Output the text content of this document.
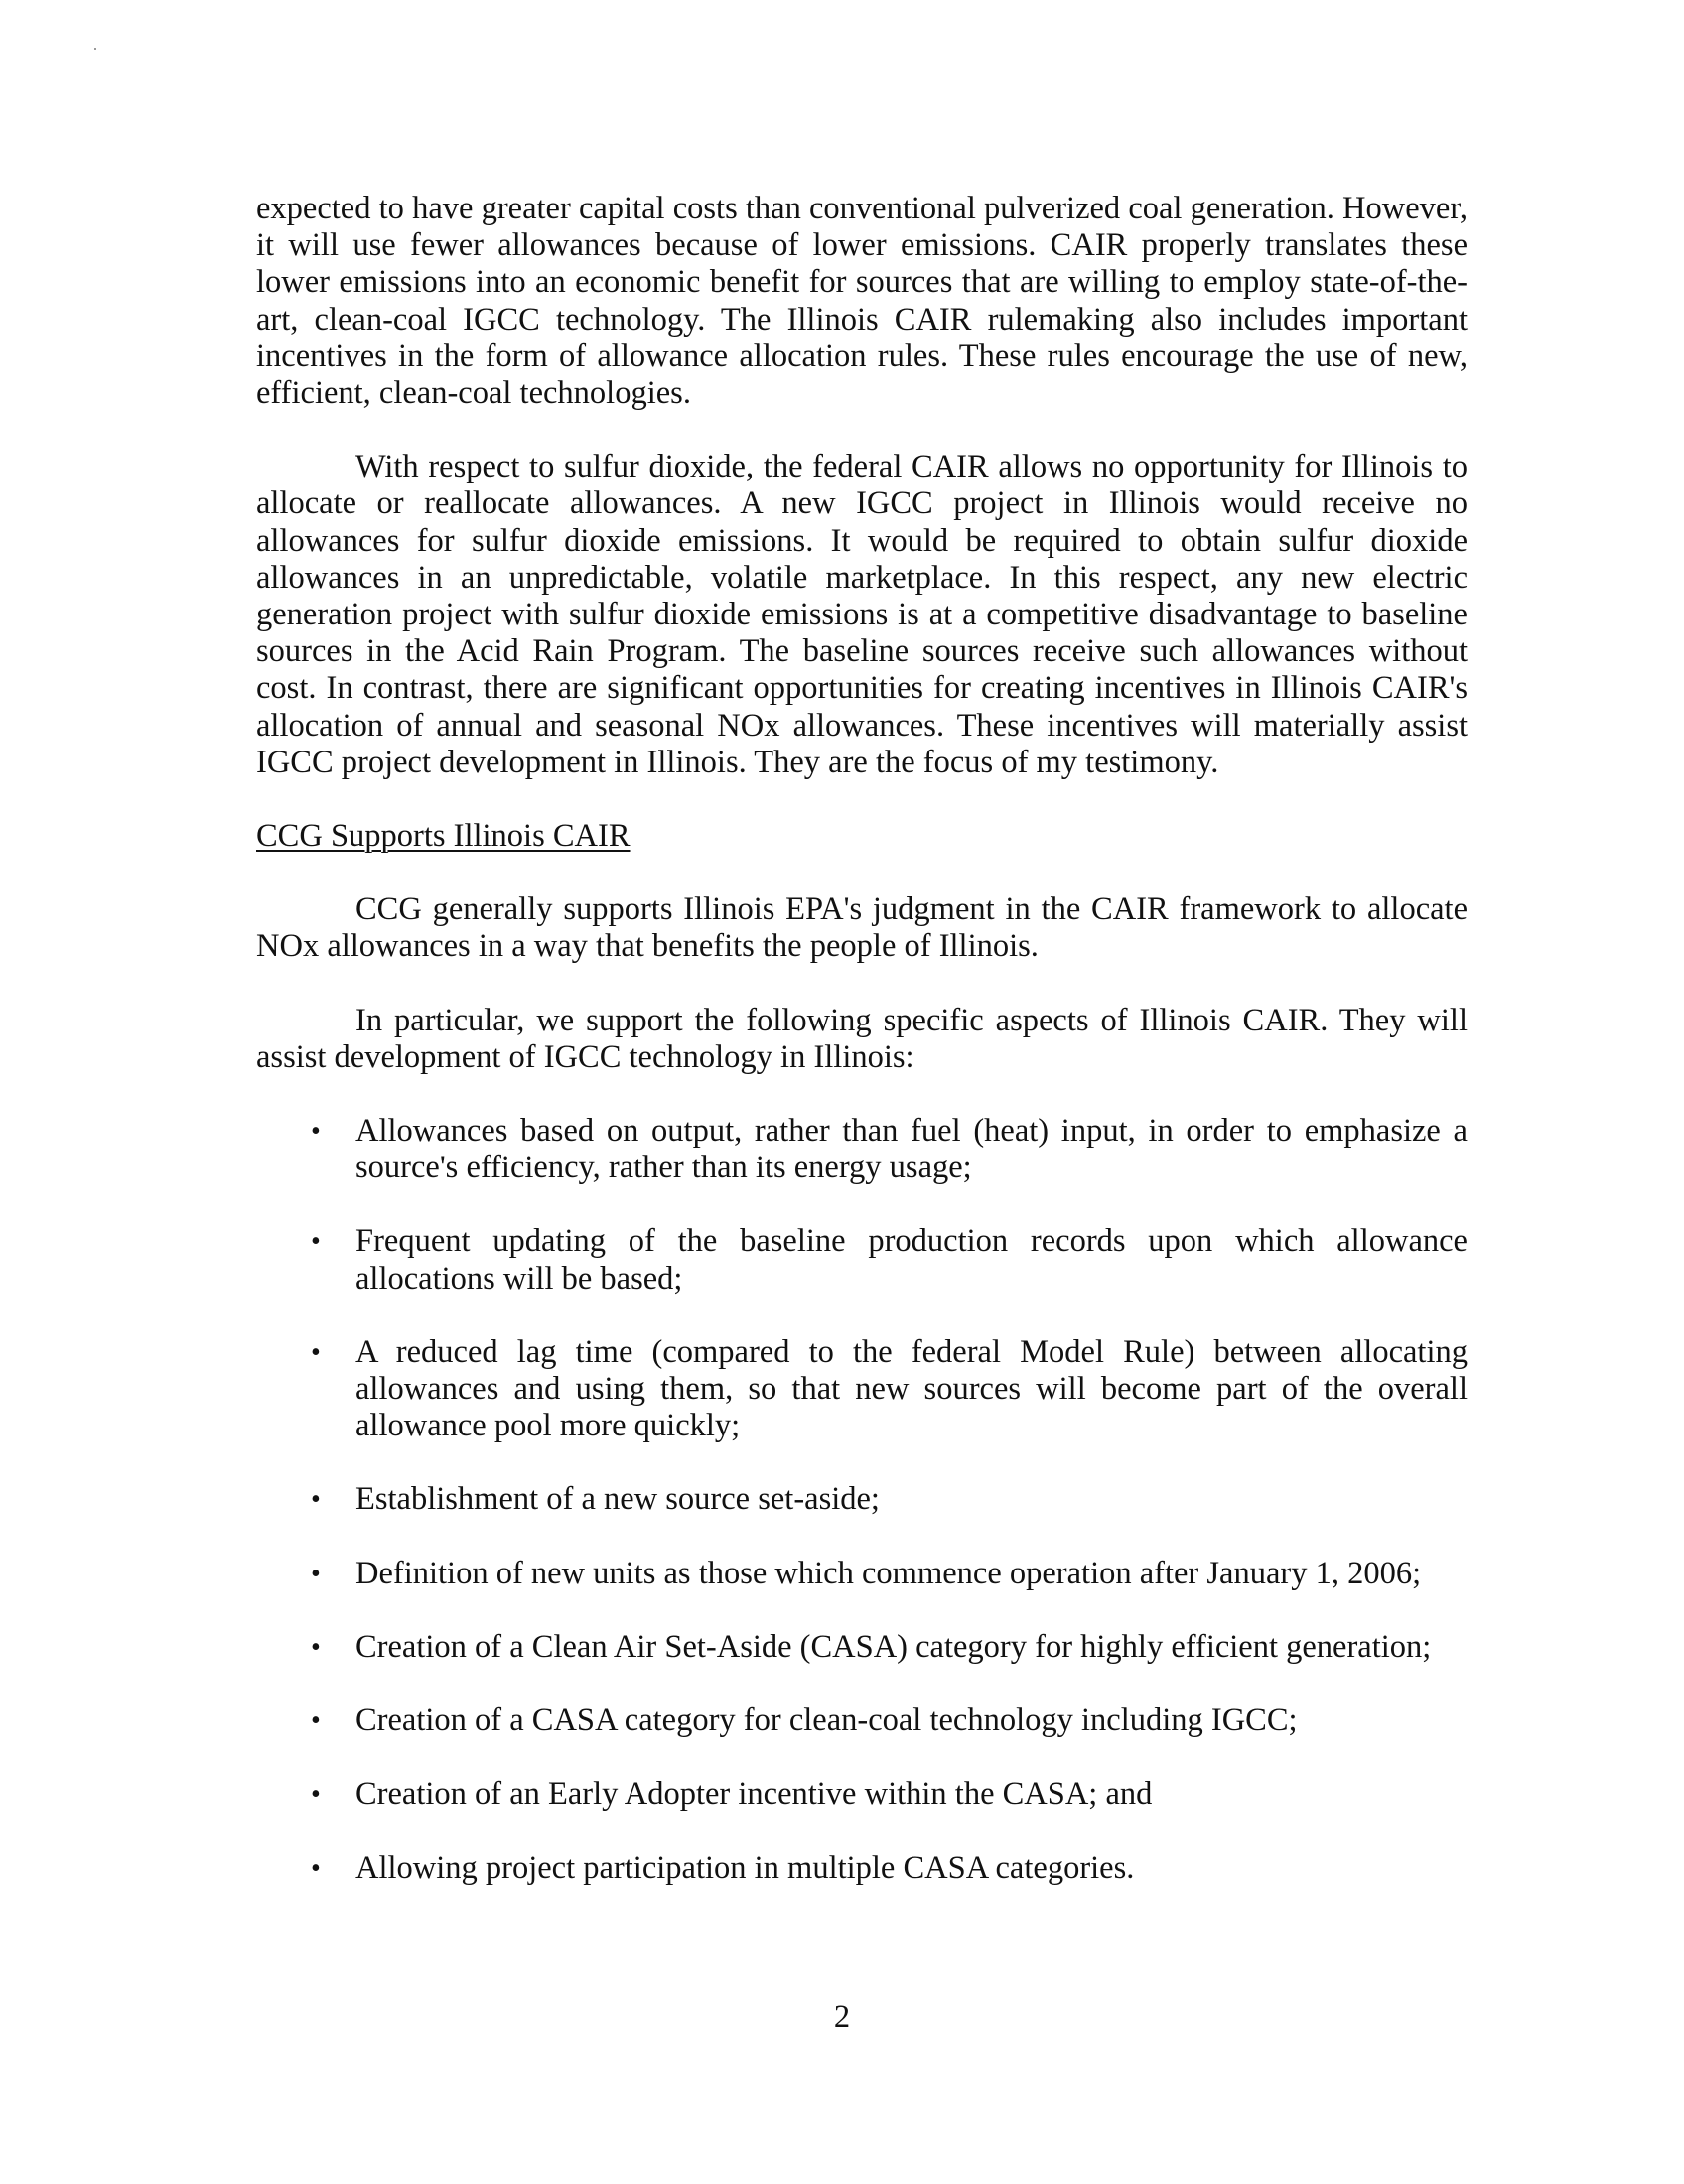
expected to have greater capital costs than conventional pulverized coal generation. However, it will use fewer allowances because of lower emissions. CAIR properly translates these lower emissions into an economic benefit for sources that are willing to employ state-of-the-art, clean-coal IGCC technology. The Illinois CAIR rulemaking also includes important incentives in the form of allowance allocation rules. These rules encourage the use of new, efficient, clean-coal technologies.

With respect to sulfur dioxide, the federal CAIR allows no opportunity for Illinois to allocate or reallocate allowances. A new IGCC project in Illinois would receive no allowances for sulfur dioxide emissions. It would be required to obtain sulfur dioxide allowances in an unpredictable, volatile marketplace. In this respect, any new electric generation project with sulfur dioxide emissions is at a competitive disadvantage to baseline sources in the Acid Rain Program. The baseline sources receive such allowances without cost. In contrast, there are significant opportunities for creating incentives in Illinois CAIR's allocation of annual and seasonal NOx allowances. These incentives will materially assist IGCC project development in Illinois. They are the focus of my testimony.

CCG Supports Illinois CAIR

CCG generally supports Illinois EPA's judgment in the CAIR framework to allocate NOx allowances in a way that benefits the people of Illinois.

In particular, we support the following specific aspects of Illinois CAIR. They will assist development of IGCC technology in Illinois:

• Allowances based on output, rather than fuel (heat) input, in order to emphasize a source's efficiency, rather than its energy usage;
• Frequent updating of the baseline production records upon which allowance allocations will be based;
• A reduced lag time (compared to the federal Model Rule) between allocating allowances and using them, so that new sources will become part of the overall allowance pool more quickly;
• Establishment of a new source set-aside;
• Definition of new units as those which commence operation after January 1, 2006;
• Creation of a Clean Air Set-Aside (CASA) category for highly efficient generation;
• Creation of a CASA category for clean-coal technology including IGCC;
• Creation of an Early Adopter incentive within the CASA; and
• Allowing project participation in multiple CASA categories.
2
